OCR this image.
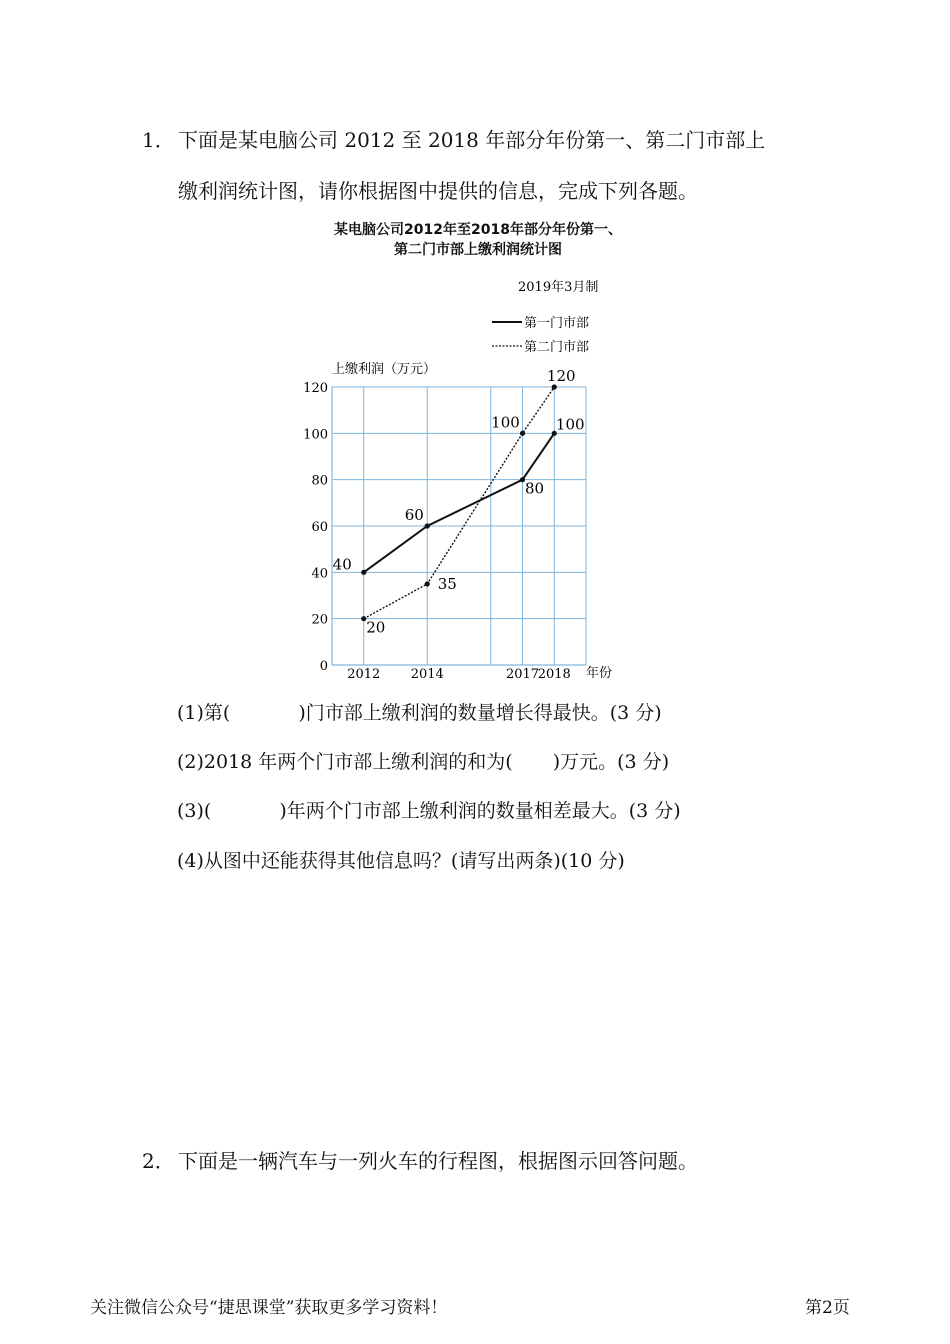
1． 下面是某电脑公司 2012 至 2018 年部分年份第一、第二门市部上
缴利润统计图，请你根据图中提供的信息，完成下列各题。
某电脑公司2012年至2018年部分年份第一、
第二门市部上缴利润统计图
2019年3月制
第一门市部
第二门市部
上缴利润（万元）
年份
0
20
40
60
80
100
120
2012 2014	2017
2018
40
60
80
100
20
35
100
120
(1)第(	)门市部上缴利润的数量增长得最快。(3 分)
(2)2018 年两个门市部上缴利润的和为( )万元。(3 分)
(3)(	)年两个门市部上缴利润的数量相差最大。(3 分)
(4)从图中还能获得其他信息吗？(请写出两条)(10 分)
2． 下面是一辆汽车与一列火车的行程图，根据图示回答问题。
关注微信公众号“捷思课堂”获取更多学习资料！	第2页
